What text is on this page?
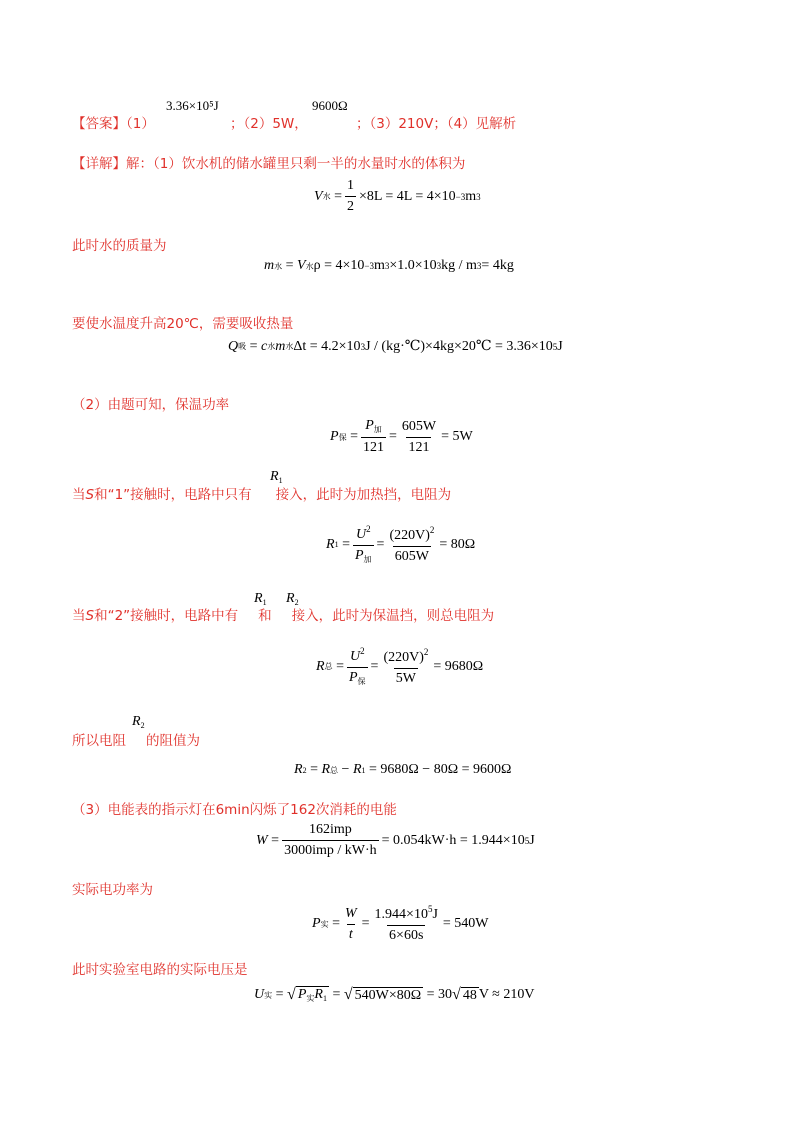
【答案】（1）
3.36×10⁵J
；（2）5W，
9600Ω
；（3）210V；（4）见解析
【详解】解：（1）饮水机的储水罐里只剩一半的水量时水的体积为
V 水 = $\frac{1}{2} \times 8L = 4L = 4\times 10 -3$ m 3
此时水的质量为
m 水 = V 水 ρ = 4×10 −3 m 3 ×1.0×10 3 kg / m 3 = 4kg
要使水温度升高20℃，需要吸收热量
Q 吸 = c 水 m 水 Δt = 4.2×10 3 J / (kg·℃)×4kg×20℃ = 3.36×10 5 J
（2）由题可知，保温功率
P 保 = $\frac{P_加}{121} = \frac{605W}{121} = 5W$
当S和“1”接触时，电路中只有 接入，此时为加热挡，电阻为
$R_1$
R $1 = \frac{U^2}{P_加} = \frac{(220V)^2}{605W} = 80\Omega$
当S和“2”接触时，电路中有 和 接入，此时为保温挡，则总电阻为
$R_1$ $R_2$
R 总 = $\frac{U^2}{P_保} = \frac{(220V)^2}{5W} = 9680\Omega$
所以电阻 的阻值为
$R_2$
R 2 = R 总 − R 1
= 9680Ω − 80Ω = 9600Ω
（3）电能表的指示灯在6min闪烁了162次消耗的电能
$W = \frac{\text{162imp}}{\text{3000imp / kW·h}} = 0.054kW\cdot h = 1.944\times 10$ 5 J
实际电功率为
P 实 = $\frac{W}{t} = \frac{1.944\times 10^5J}{6\times 60s} = 540W$
此时实验室电路的实际电压是
U 实 = √ $P_实R_1$ = √ 540W×80Ω
= 30 √ 48 V ≈ 210V
